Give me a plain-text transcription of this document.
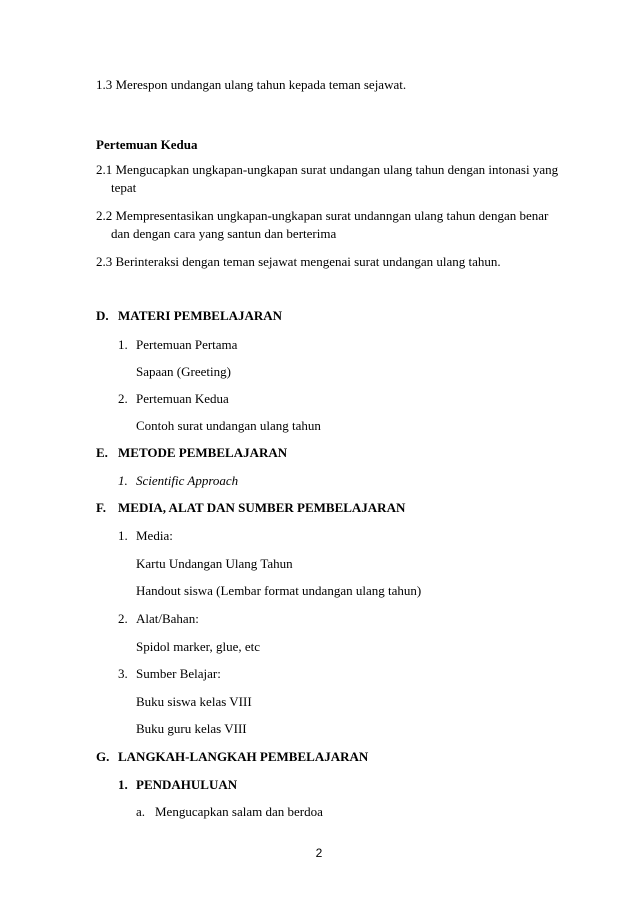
1.3 Merespon undangan ulang tahun kepada teman sejawat.
Pertemuan Kedua
2.1 Mengucapkan ungkapan-ungkapan surat undangan ulang tahun dengan intonasi yang
tepat
2.2 Mempresentasikan ungkapan-ungkapan surat undanngan ulang tahun dengan benar
dan dengan cara yang santun dan berterima
2.3 Berinteraksi dengan teman sejawat mengenai surat undangan ulang tahun.
D. MATERI PEMBELAJARAN
1. Pertemuan Pertama
Sapaan (Greeting)
2. Pertemuan Kedua
Contoh surat undangan ulang tahun
E. METODE PEMBELAJARAN
1. Scientific Approach
F. MEDIA, ALAT DAN SUMBER PEMBELAJARAN
1. Media:
Kartu Undangan Ulang Tahun
Handout siswa (Lembar format undangan ulang tahun)
2. Alat/Bahan:
Spidol marker, glue, etc
3. Sumber Belajar:
Buku siswa kelas VIII
Buku guru kelas VIII
G. LANGKAH-LANGKAH PEMBELAJARAN
1. PENDAHULUAN
a. Mengucapkan salam dan berdoa
2
